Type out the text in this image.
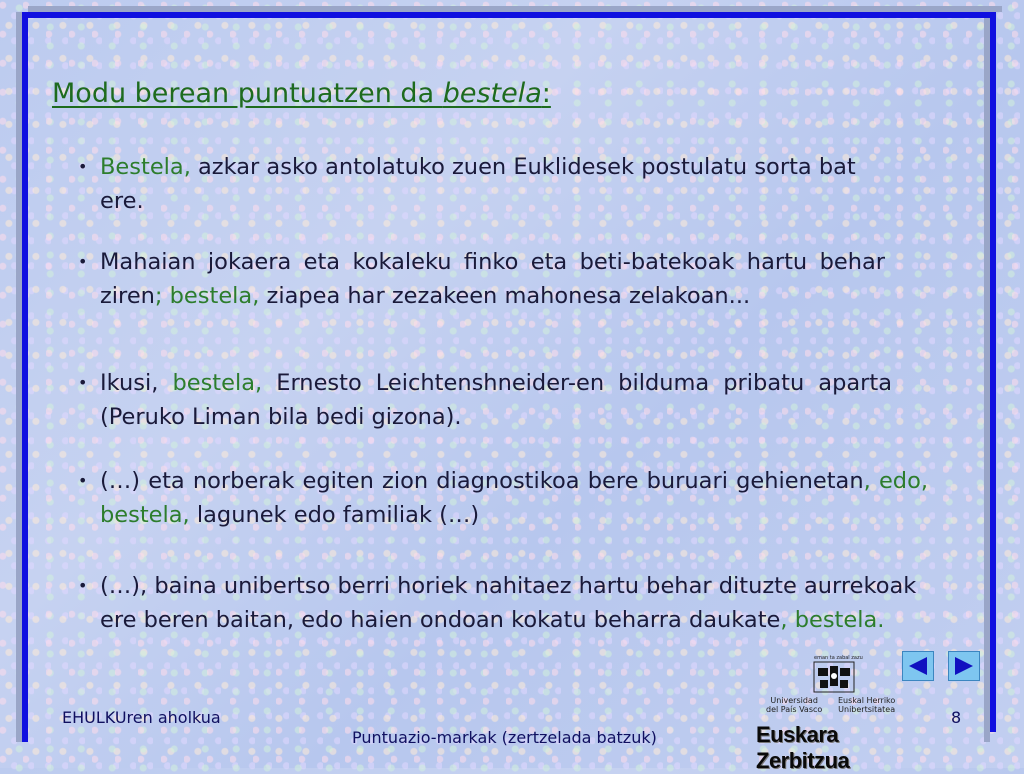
Modu berean puntuatzen da bestela:
• Bestela, azkar asko antolatuko zuen Euklidesek postulatu sorta bat ere.
• Mahaian jokaera eta kokaleku finko eta beti-batekoak hartu behar ziren; bestela, ziapea har zezakeen mahonesa zelakoan...
• Ikusi, bestela, Ernesto Leichtenshneider-en bilduma pribatu aparta (Peruko Liman bila bedi gizona).
• (…) eta norberak egiten zion diagnostikoa bere buruari gehienetan, edo, bestela, lagunek edo familiak (…)
• (…), baina unibertso berri horiek nahitaez hartu behar dituzte aurrekoak ere beren baitan, edo haien ondoan kokatu beharra daukate, bestela.
eman ta zabal zazu
Universidad
del País Vasco
Euskal Herriko
Unibertsitatea

Euskara Zerbitzua

EHULKUren aholkua
Puntuazio-markak (zertzelada batzuk)
8
